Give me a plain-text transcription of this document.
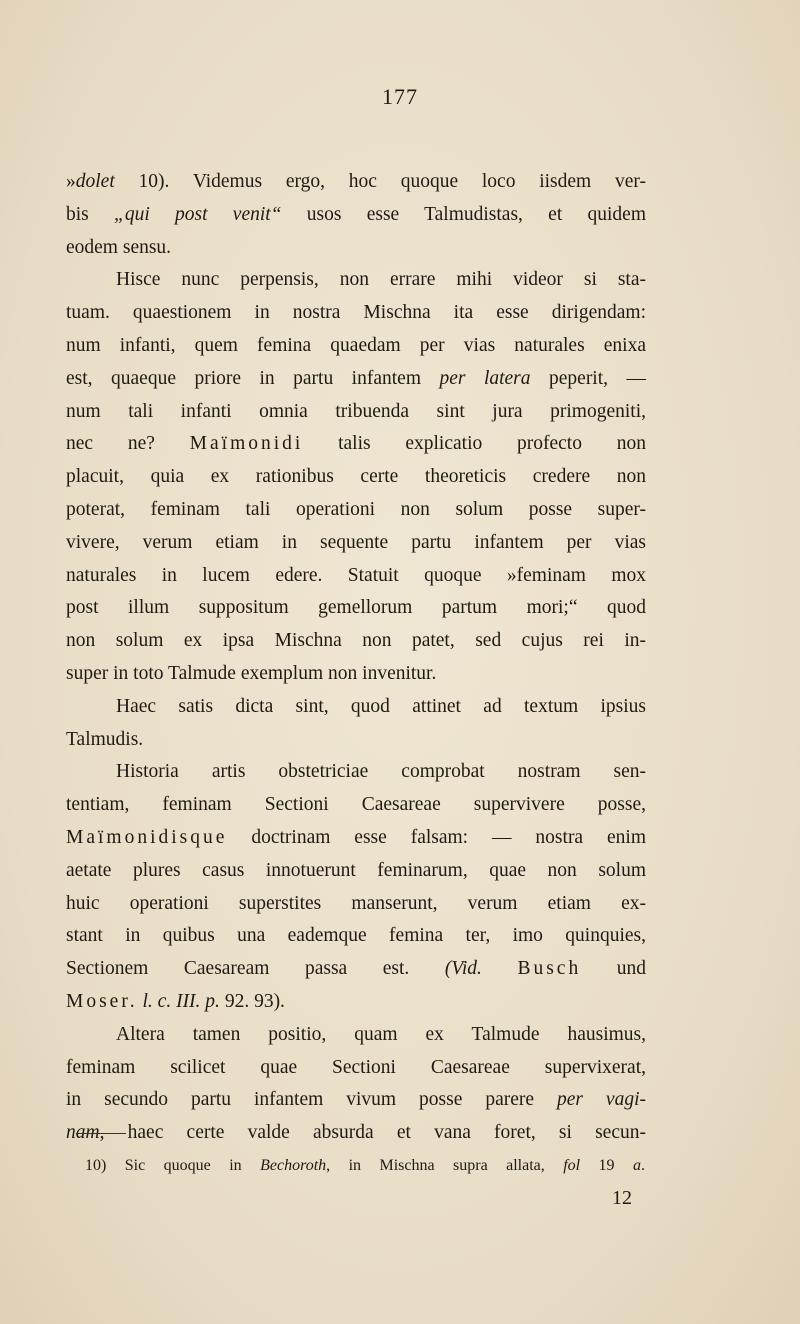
177
»dolet 10). Videmus ergo, hoc quoque loco iisdem ver-
bis „qui post venit“ usos esse Talmudistas, et quidem
eodem sensu.
Hisce nunc perpensis, non errare mihi videor si sta-
tuam. quaestionem in nostra Mischna ita esse dirigendam:
num infanti, quem femina quaedam per vias naturales enixa
est, quaeque priore in partu infantem per latera peperit, —
num tali infanti omnia tribuenda sint jura primogeniti,
nec ne? Maïmonidi talis explicatio profecto non
placuit, quia ex rationibus certe theoreticis credere non
poterat, feminam tali operationi non solum posse super-
vivere, verum etiam in sequente partu infantem per vias
naturales in lucem edere. Statuit quoque »feminam mox
post illum suppositum gemellorum partum mori;“ quod
non solum ex ipsa Mischna non patet, sed cujus rei in-
super in toto Talmude exemplum non invenitur.
Haec satis dicta sint, quod attinet ad textum ipsius
Talmudis.
Historia artis obstetriciae comprobat nostram sen-
tentiam, feminam Sectioni Caesareae supervivere posse,
Maïmonidisque doctrinam esse falsam: — nostra enim
aetate plures casus innotuerunt feminarum, quae non solum
huic operationi superstites manserunt, verum etiam ex-
stant in quibus una eademque femina ter, imo quinquies,
Sectionem Caesaream passa est. (Vid. Busch und
Moser. l. c. III. p. 92. 93).
Altera tamen positio, quam ex Talmude hausimus,
feminam scilicet quae Sectioni Caesareae supervixerat,
in secundo partu infantem vivum posse parere per vagi-
nam, haec certe valde absurda et vana foret, si secun-
10) Sic quoque in Bechoroth, in Mischna supra allata, fol 19 a.
12
